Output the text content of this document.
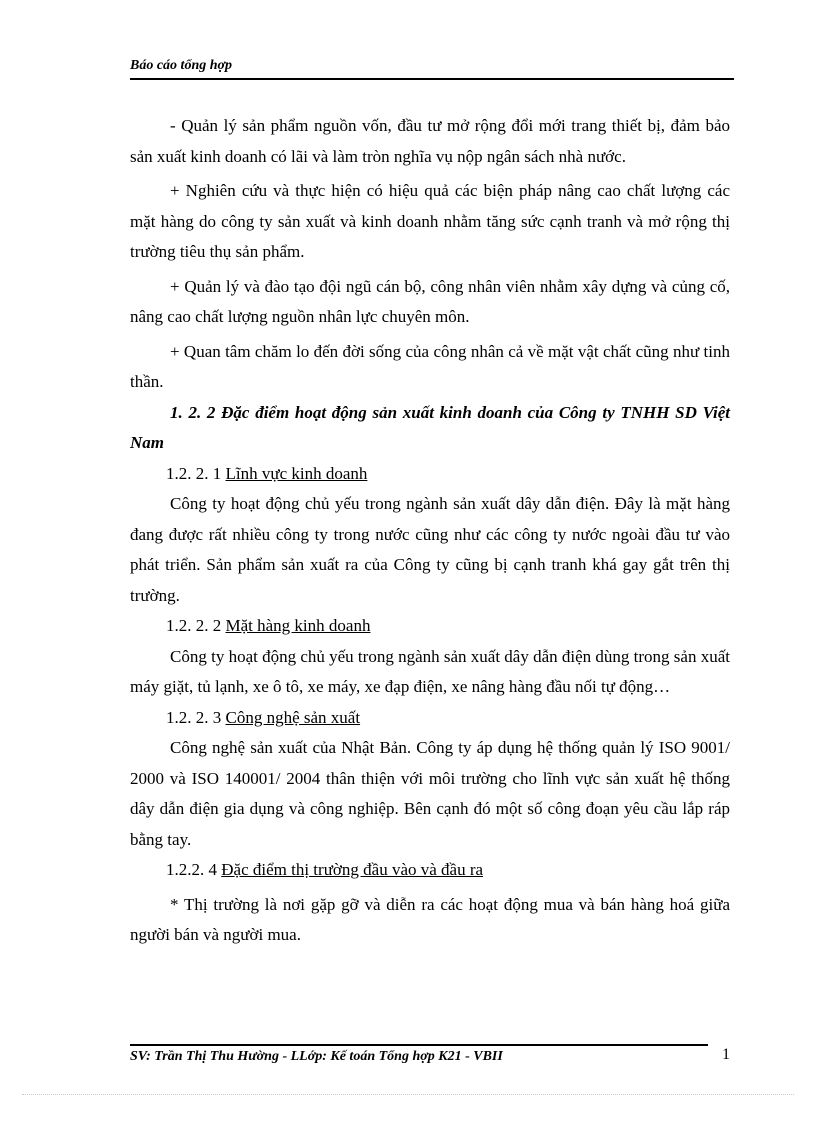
Báo cáo tổng hợp

- Quản lý sản phẩm nguồn vốn, đầu tư mở rộng đổi mới trang thiết bị, đảm bảo sản xuất kinh doanh có lãi và làm tròn nghĩa vụ nộp ngân sách nhà nước.

+ Nghiên cứu và thực hiện có hiệu quả các biện pháp nâng cao chất lượng các mặt hàng do công ty sản xuất và kinh doanh nhằm tăng sức cạnh tranh và mở rộng thị trường tiêu thụ sản phẩm.

+ Quản lý và đào tạo đội ngũ cán bộ, công nhân viên nhằm xây dựng và củng cố, nâng cao chất lượng nguồn nhân lực chuyên môn.

+ Quan tâm chăm lo đến đời sống của công nhân cả về mặt vật chất cũng như tinh thần.

1. 2. 2 Đặc điểm hoạt động sản xuất kinh doanh của Công ty TNHH SD Việt Nam

1.2. 2. 1 Lĩnh vực kinh doanh

Công ty hoạt động chủ yếu trong ngành sản xuất dây dẫn điện. Đây là mặt hàng đang được rất nhiều công ty trong nước cũng như các công ty nước ngoài đầu tư vào phát triển. Sản phẩm sản xuất ra của Công ty cũng bị cạnh tranh khá gay gắt trên thị trường.

1.2. 2. 2 Mặt hàng kinh doanh

Công ty hoạt động chủ yếu trong ngành sản xuất dây dẫn điện dùng trong sản xuất máy giặt, tủ lạnh, xe ô tô, xe máy, xe đạp điện, xe nâng hàng đầu nối tự động…

1.2. 2. 3 Công nghệ sản xuất

Công nghệ sản xuất của Nhật Bản. Công ty áp dụng hệ thống quản lý ISO 9001/ 2000 và ISO 140001/ 2004 thân thiện với môi trường cho lĩnh vực sản xuất hệ thống dây dẫn điện gia dụng và công nghiệp. Bên cạnh đó một số công đoạn yêu cầu lắp ráp bằng tay.

1.2.2. 4 Đặc điểm thị trường đầu vào và đầu ra

* Thị trường là nơi gặp gỡ và diễn ra các hoạt động mua và bán hàng hoá giữa người bán và người mua.

SV: Trần Thị Thu Hường - LLớp: Kế toán Tổng hợp K21 - VBII	1
